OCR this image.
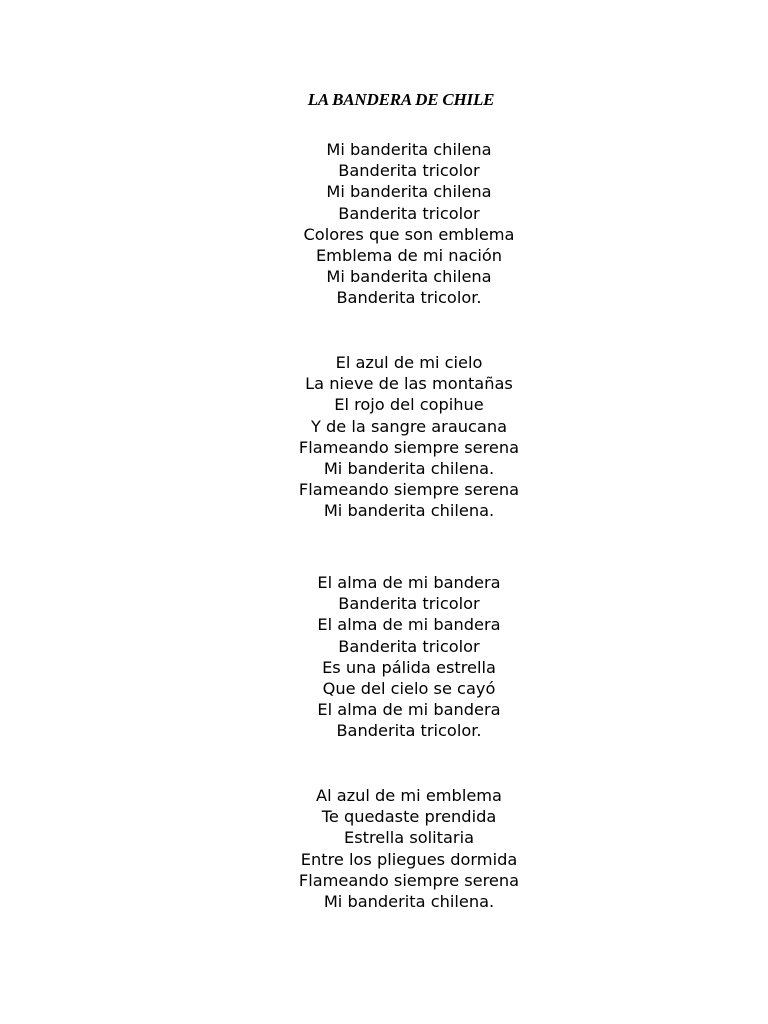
LA BANDERA DE CHILE
Mi banderita chilena
Banderita tricolor
Mi banderita chilena
Banderita tricolor
Colores que son emblema
Emblema de mi nación
Mi banderita chilena
Banderita tricolor.
El azul de mi cielo
La nieve de las montañas
El rojo del copihue
Y de la sangre araucana
Flameando siempre serena
Mi banderita chilena.
Flameando siempre serena
Mi banderita chilena.
El alma de mi bandera
Banderita tricolor
El alma de mi bandera
Banderita tricolor
Es una pálida estrella
Que del cielo se cayó
El alma de mi bandera
Banderita tricolor.
Al azul de mi emblema
Te quedaste prendida
Estrella solitaria
Entre los pliegues dormida
Flameando siempre serena
Mi banderita chilena.
